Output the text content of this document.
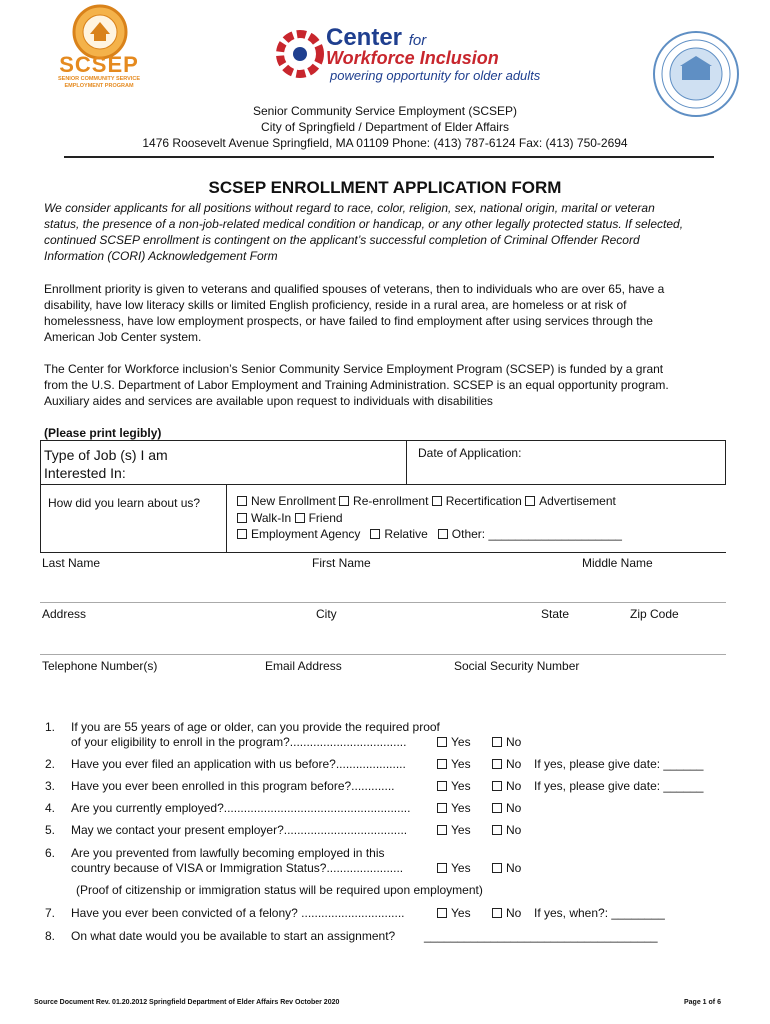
SCSEP
SENIOR COMMUNITY SERVICE EMPLOYMENT PROGRAM
Center for
Workforce Inclusion
powering opportunity for older adults
Senior Community Service Employment (SCSEP)
City of Springfield / Department of Elder Affairs
1476 Roosevelt Avenue Springfield, MA 01109 Phone: (413) 787-6124 Fax: (413) 750-2694
SCSEP ENROLLMENT APPLICATION FORM
We consider applicants for all positions without regard to race, color, religion, sex, national origin, marital or veteran
status, the presence of a non-job-related medical condition or handicap, or any other legally protected status. If selected,
continued SCSEP enrollment is contingent on the applicant’s successful completion of Criminal Offender Record
Information (CORI) Acknowledgement Form
Enrollment priority is given to veterans and qualified spouses of veterans, then to individuals who are over 65, have a
disability, have low literacy skills or limited English proficiency, reside in a rural area, are homeless or at risk of
homelessness, have low employment prospects, or have failed to find employment after using services through the
American Job Center system.
The Center for Workforce inclusion’s Senior Community Service Employment Program (SCSEP) is funded by a grant
from the U.S. Department of Labor Employment and Training Administration. SCSEP is an equal opportunity program.
Auxiliary aides and services are available upon request to individuals with disabilities
(Please print legibly)
Type of Job (s) I am
Interested In:
Date of Application:
How did you learn about us?	New Enrollment Re-enrollment Recertification Advertisement
Walk-In Friend
Employment Agency Relative Other: ____________________
Last Name	First Name	Middle Name
Address	City	State	Zip Code
Telephone Number(s)	Email Address	Social Security Number
1. If you are 55 years of age or older, can you provide the required proof
of your eligibility to enroll in the program?...................................	Yes	No
2. Have you ever filed an application with us before?.....................	Yes	No If yes, please give date: ______
3. Have you ever been enrolled in this program before?.............	Yes	No If yes, please give date: ______
4. Are you currently employed?........................................................	Yes	No
5. May we contact your present employer?.....................................	Yes	No
6. Are you prevented from lawfully becoming employed in this
country because of VISA or Immigration Status?.......................	Yes	No
(Proof of citizenship or immigration status will be required upon employment)
7. Have you ever been convicted of a felony? ...............................	Yes	No If yes, when?: ________
8. On what date would you be available to start an assignment? ___________________________________
Source Document Rev. 01.20.2012 Springfield Department of Elder Affairs Rev October 2020	Page 1 of 6
